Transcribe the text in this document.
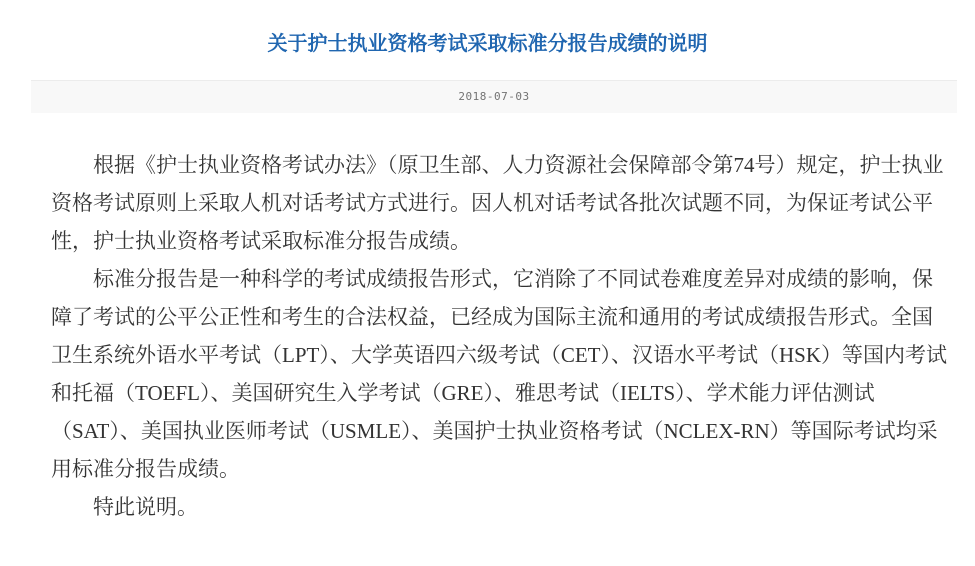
关于护士执业资格考试采取标准分报告成绩的说明
2018-07-03

根据《护士执业资格考试办法》（原卫生部、人力资源社会保障部令第74号）规定，护士执业资格考试原则上采取人机对话考试方式进行。因人机对话考试各批次试题不同，为保证考试公平性，护士执业资格考试采取标准分报告成绩。

标准分报告是一种科学的考试成绩报告形式，它消除了不同试卷难度差异对成绩的影响，保障了考试的公平公正性和考生的合法权益，已经成为国际主流和通用的考试成绩报告形式。全国卫生系统外语水平考试（LPT）、大学英语四六级考试（CET）、汉语水平考试（HSK）等国内考试和托福（TOEFL）、美国研究生入学考试（GRE）、雅思考试（IELTS）、学术能力评估测试（SAT）、美国执业医师考试（USMLE）、美国护士执业资格考试（NCLEX-RN）等国际考试均采用标准分报告成绩。

特此说明。
